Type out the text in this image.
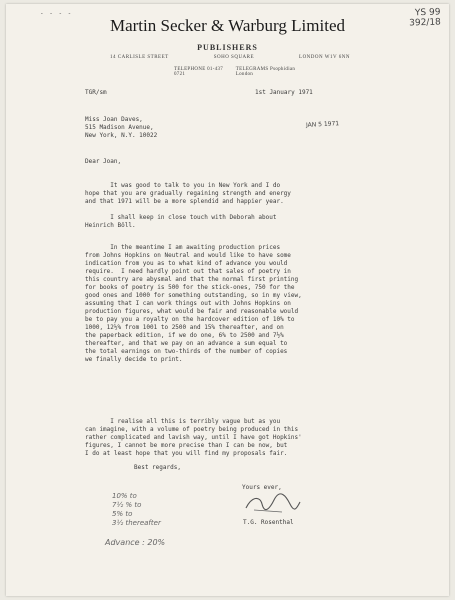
- - - -	YS 99
392/18
Martin Secker & Warburg Limited
PUBLISHERS
14 CARLISLE STREET	SOHO SQUARE	LONDON W1V 6NN
TELEPHONE 01-437 0721
TELEGRAMS Psophidian London
TGR/sm	1st January 1971
JAN 5 1971
Miss Joan Daves,
515 Madison Avenue,
New York, N.Y. 10022
Dear Joan,
It was good to talk to you in New York and I do
hope that you are gradually regaining strength and energy
and that 1971 will be a more splendid and happier year.
I shall keep in close touch with Deborah about
Heinrich Böll.
In the meantime I am awaiting production prices
from Johns Hopkins on Neutral and would like to have some
indication from you as to what kind of advance you would
require.  I need hardly point out that sales of poetry in
this country are abysmal and that the normal first printing
for books of poetry is 500 for the stick-ones, 750 for the
good ones and 1000 for something outstanding, so in my view,
assuming that I can work things out with Johns Hopkins on
production figures, what would be fair and reasonable would
be to pay you a royalty on the hardcover edition of 10% to
1000, 12½% from 1001 to 2500 and 15% thereafter, and on
the paperback edition, if we do one, 6% to 2500 and 7½%
thereafter, and that we pay on an advance a sum equal to
the total earnings on two-thirds of the number of copies
we finally decide to print.
I realise all this is terribly vague but as you
can imagine, with a volume of poetry being produced in this
rather complicated and lavish way, until I have got Hopkins'
figures, I cannot be more precise than I can be now, but
I do at least hope that you will find my proposals fair.
Best regards,
Yours ever,
T.G. Rosenthal
10% to
7½ % to
5% to
3½ thereafter
Advance : 20%
